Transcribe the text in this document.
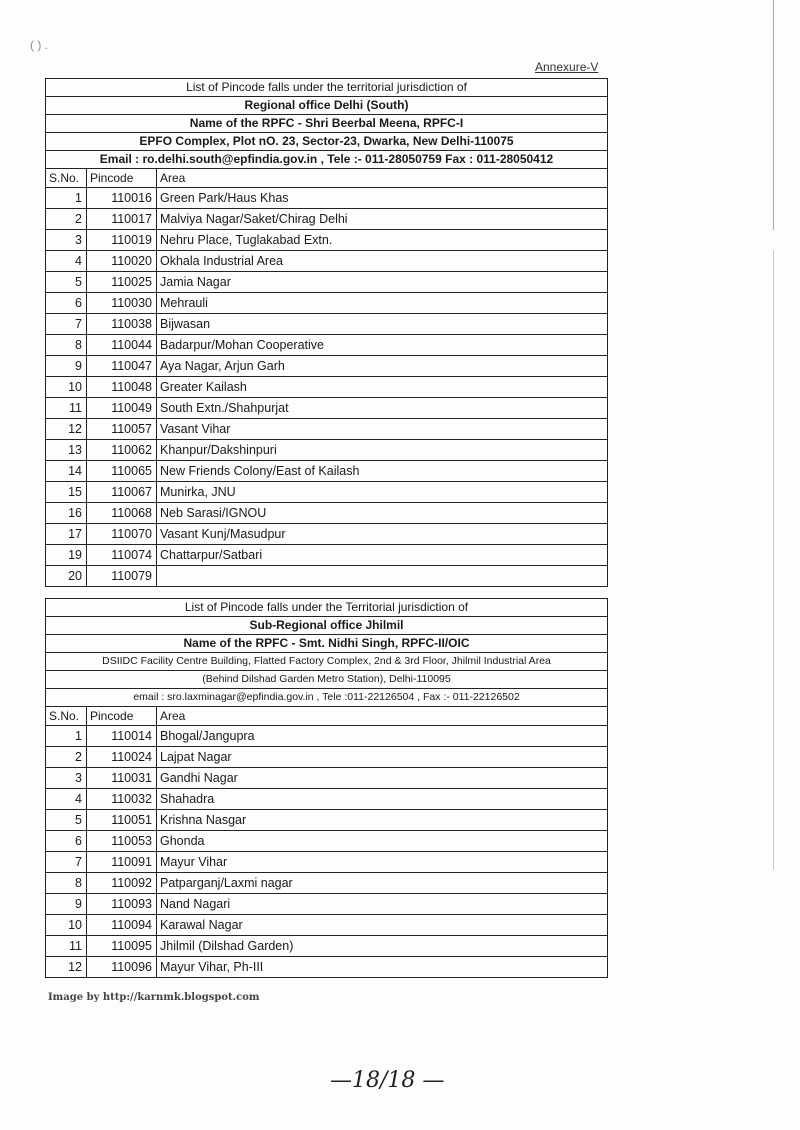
( ) .
Annexure-V
List of Pincode falls under the territorial jurisdiction of		
Regional office Delhi (South)		
Name of the RPFC - Shri Beerbal Meena, RPFC-I		
EPFO Complex, Plot nO. 23, Sector-23, Dwarka, New Delhi-110075		
Email : ro.delhi.south@epfindia.gov.in , Tele :- 011-28050759 Fax : 011-28050412		
S.No.	Pincode	Area
1	110016	Green Park/Haus Khas
2	110017	Malviya Nagar/Saket/Chirag Delhi
3	110019	Nehru Place, Tuglakabad Extn.
4	110020	Okhala Industrial Area
5	110025	Jamia Nagar
6	110030	Mehrauli
7	110038	Bijwasan
8	110044	Badarpur/Mohan Cooperative
9	110047	Aya Nagar, Arjun Garh
10	110048	Greater Kailash
11	110049	South Extn./Shahpurjat
12	110057	Vasant Vihar
13	110062	Khanpur/Dakshinpuri
14	110065	New Friends Colony/East of Kailash
15	110067	Munirka, JNU
16	110068	Neb Sarasi/IGNOU
17	110070	Vasant Kunj/Masudpur
19	110074	Chattarpur/Satbari
20	110079	
List of Pincode falls under the Territorial jurisdiction of		
Sub-Regional office Jhilmil		
Name of the RPFC - Smt. Nidhi Singh, RPFC-II/OIC		
DSIIDC Facility Centre Building, Flatted Factory Complex, 2nd & 3rd Floor, Jhilmil Industrial Area		
(Behind Dilshad Garden Metro Station), Delhi-110095		
email : sro.laxminagar@epfindia.gov.in , Tele :011-22126504 , Fax :- 011-22126502		
S.No.	Pincode	Area
1	110014	Bhogal/Jangupra
2	110024	Lajpat Nagar
3	110031	Gandhi Nagar
4	110032	Shahadra
5	110051	Krishna Nasgar
6	110053	Ghonda
7	110091	Mayur Vihar
8	110092	Patparganj/Laxmi nagar
9	110093	Nand Nagari
10	110094	Karawal Nagar
11	110095	Jhilmil (Dilshad Garden)
12	110096	Mayur Vihar, Ph-III
Image by http://karnmk.blogspot.com
—18/18 —
